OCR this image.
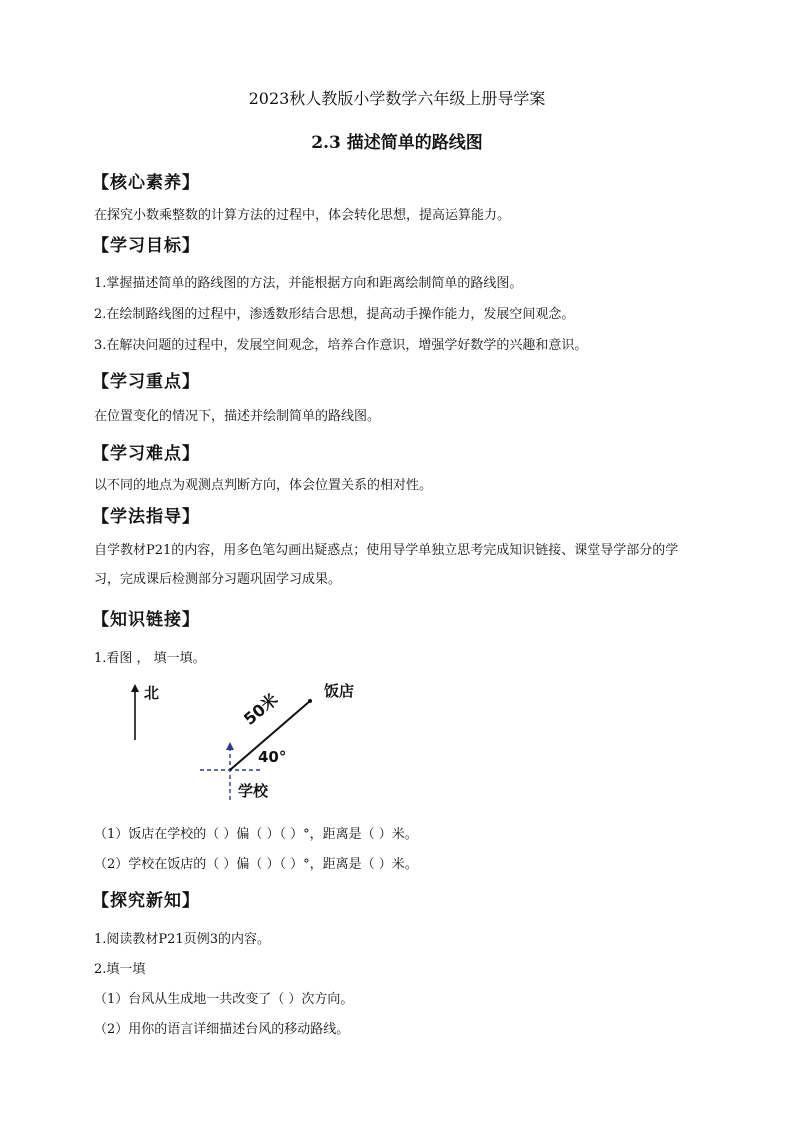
2023秋人教版小学数学六年级上册导学案
2.3 描述简单的路线图
【核心素养】
在探究小数乘整数的计算方法的过程中，体会转化思想，提高运算能力。
【学习目标】
1.掌握描述简单的路线图的方法，并能根据方向和距离绘制简单的路线图。
2.在绘制路线图的过程中，渗透数形结合思想，提高动手操作能力，发展空间观念。
3.在解决问题的过程中，发展空间观念，培养合作意识，增强学好数学的兴趣和意识。
【学习重点】
在位置变化的情况下，描述并绘制简单的路线图。
【学习难点】
以不同的地点为观测点判断方向，体会位置关系的相对性。
【学法指导】
自学教材P21的内容，用多色笔勾画出疑惑点；使用导学单独立思考完成知识链接、课堂导学部分的学习，完成课后检测部分习题巩固学习成果。
【知识链接】
1.看图 ， 填一填。
北	饭店
50米
40°
学校
（1）饭店在学校的（ ）偏（ ）（ ）°，距离是（ ）米。
（2）学校在饭店的（ ）偏（ ）（ ）°，距离是（ ）米。
【探究新知】
1.阅读教材P21页例3的内容。
2.填一填
（1）台风从生成地一共改变了（ ）次方向。
（2）用你的语言详细描述台风的移动路线。
